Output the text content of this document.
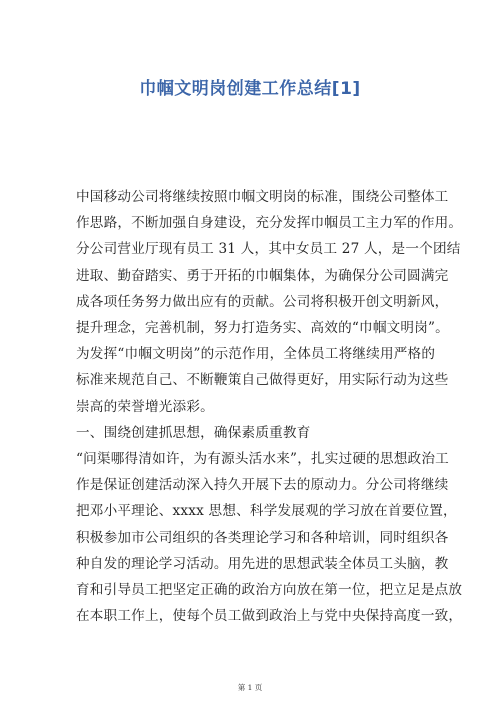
巾帼文明岗创建工作总结[1]
中国移动公司将继续按照巾帼文明岗的标准，围绕公司整体工
作思路，不断加强自身建设，充分发挥巾帼员工主力军的作用。
分公司营业厅现有员工 31 人，其中女员工 27 人，是一个团结
进取、勤奋踏实、勇于开拓的巾帼集体，为确保分公司圆满完
成各项任务努力做出应有的贡献。公司将积极开创文明新风，
提升理念，完善机制，努力打造务实、高效的“巾帼文明岗”。
为发挥“巾帼文明岗”的示范作用，全体员工将继续用严格的
标准来规范自己、不断鞭策自己做得更好，用实际行动为这些
崇高的荣誉增光添彩。
一、围绕创建抓思想，确保素质重教育
“问渠哪得清如许，为有源头活水来”，扎实过硬的思想政治工
作是保证创建活动深入持久开展下去的原动力。分公司将继续
把邓小平理论、xxxx 思想、科学发展观的学习放在首要位置，
积极参加市公司组织的各类理论学习和各种培训，同时组织各
种自发的理论学习活动。用先进的思想武装全体员工头脑，教
育和引导员工把坚定正确的政治方向放在第一位，把立足是点放
在本职工作上，使每个员工做到政治上与党中央保持高度一致，
第 1 页
